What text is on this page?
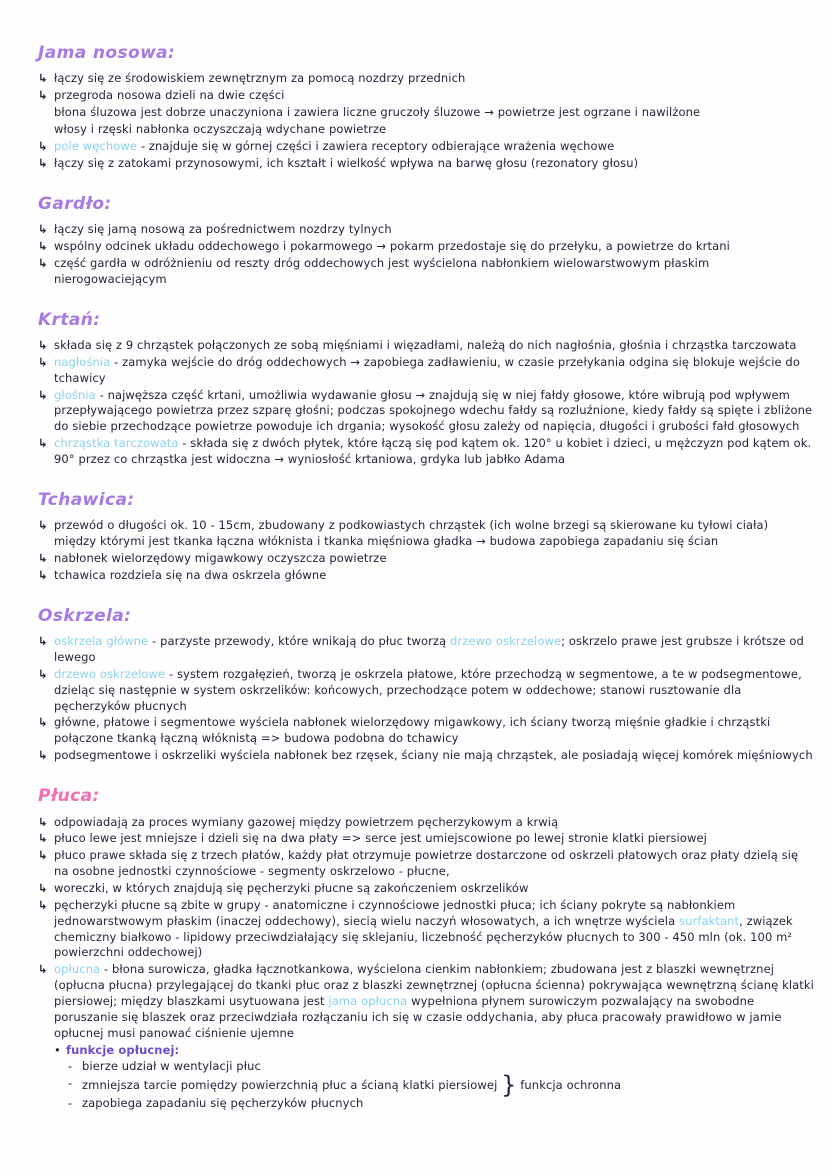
Jama nosowa:
↳ łączy się ze środowiskiem zewnętrznym za pomocą nozdrzy przednich
↳ przegroda nosowa dzieli na dwie części
błona śluzowa jest dobrze unaczyniona i zawiera liczne gruczoły śluzowe → powietrze jest ogrzane i nawilżone
włosy i rzęski nabłonka oczyszczają wdychane powietrze
↳ pole węchowe - znajduje się w górnej części i zawiera receptory odbierające wrażenia węchowe
↳ łączy się z zatokami przynosowymi, ich kształt i wielkość wpływa na barwę głosu (rezonatory głosu)
Gardło:
↳ łączy się jamą nosową za pośrednictwem nozdrzy tylnych
↳ wspólny odcinek układu oddechowego i pokarmowego → pokarm przedostaje się do przełyku, a powietrze do krtani
↳ część gardła w odróżnieniu od reszty dróg oddechowych jest wyścielona nabłonkiem wielowarstwowym płaskim nierogowaciejącym
Krtań:
↳ składa się z 9 chrząstek połączonych ze sobą mięśniami i więzadłami, należą do nich nagłośnia, głośnia i chrząstka tarczowata
↳ nagłośnia - zamyka wejście do dróg oddechowych → zapobiega zadławieniu, w czasie przełykania odgina się blokuje wejście do tchawicy
↳ głośnia - najwęższa część krtani, umożliwia wydawanie głosu → znajdują się w niej fałdy głosowe, które wibrują pod wpływem przepływającego powietrza przez szparę głośni; podczas spokojnego wdechu fałdy są rozluźnione, kiedy fałdy są spięte i zbliżone do siebie przechodzące powietrze powoduje ich drgania; wysokość głosu zależy od napięcia, długości i grubości fałd głosowych
↳ chrząstka tarczowata - składa się z dwóch płytek, które łączą się pod kątem ok. 120° u kobiet i dzieci, u mężczyzn pod kątem ok. 90° przez co chrząstka jest widoczna → wyniosłość krtaniowa, grdyka lub jabłko Adama
Tchawica:
↳ przewód o długości ok. 10 - 15cm, zbudowany z podkowiastych chrząstek (ich wolne brzegi są skierowane ku tyłowi ciała) między którymi jest tkanka łączna włóknista i tkanka mięśniowa gładka → budowa zapobiega zapadaniu się ścian
↳ nabłonek wielorzędowy migawkowy oczyszcza powietrze
↳ tchawica rozdziela się na dwa oskrzela główne
Oskrzela:
↳ oskrzela główne - parzyste przewody, które wnikają do płuc tworzą drzewo oskrzelowe; oskrzelo prawe jest grubsze i krótsze od lewego
↳ drzewo oskrzelowe - system rozgałęzień, tworzą je oskrzela płatowe, które przechodzą w segmentowe, a te w podsegmentowe, dzieląc się następnie w system oskrzelików: końcowych, przechodzące potem w oddechowe; stanowi rusztowanie dla pęcherzyków płucnych
↳ główne, płatowe i segmentowe wyściela nabłonek wielorzędowy migawkowy, ich ściany tworzą mięśnie gładkie i chrząstki połączone tkanką łączną włóknistą => budowa podobna do tchawicy
↳ podsegmentowe i oskrzeliki wyściela nabłonek bez rzęsek, ściany nie mają chrząstek, ale posiadają więcej komórek mięśniowych
Płuca:
↳ odpowiadają za proces wymiany gazowej między powietrzem pęcherzykowym a krwią
↳ płuco lewe jest mniejsze i dzieli się na dwa płaty => serce jest umiejscowione po lewej stronie klatki piersiowej
↳ płuco prawe składa się z trzech płatów, każdy płat otrzymuje powietrze dostarczone od oskrzeli płatowych oraz płaty dzielą się na osobne jednostki czynnościowe - segmenty oskrzelowo - płucne,
↳ woreczki, w których znajdują się pęcherzyki płucne są zakończeniem oskrzelików
↳ pęcherzyki płucne są zbite w grupy - anatomiczne i czynnościowe jednostki płuca; ich ściany pokryte są nabłonkiem jednowarstwowym płaskim (inaczej oddechowy), siecią wielu naczyń włosowatych, a ich wnętrze wyściela surfaktant, związek chemiczny białkowo - lipidowy przeciwdziałający się sklejaniu, liczebność pęcherzyków płucnych to 300 - 450 mln (ok. 100 m² powierzchni oddechowej)
↳ opłucna - błona surowicza, gładka łącznotkankowa, wyścielona cienkim nabłonkiem; zbudowana jest z blaszki wewnętrznej (opłucna płucna) przylegającej do tkanki płuc oraz z blaszki zewnętrznej (opłucna ścienna) pokrywająca wewnętrzną ścianę klatki piersiowej; między blaszkami usytuowana jest jama opłucna wypełniona płynem surowiczym pozwalający na swobodne poruszanie się blaszek oraz przeciwdziała rozłączaniu ich się w czasie oddychania, aby płuca pracowały prawidłowo w jamie opłucnej musi panować ciśnienie ujemne
• funkcje opłucnej:
- bierze udział w wentylacji płuc
- zmniejsza tarcie pomiędzy powierzchnią płuc a ścianą klatki piersiowej } funkcja ochronna
- zapobiega zapadaniu się pęcherzyków płucnych
